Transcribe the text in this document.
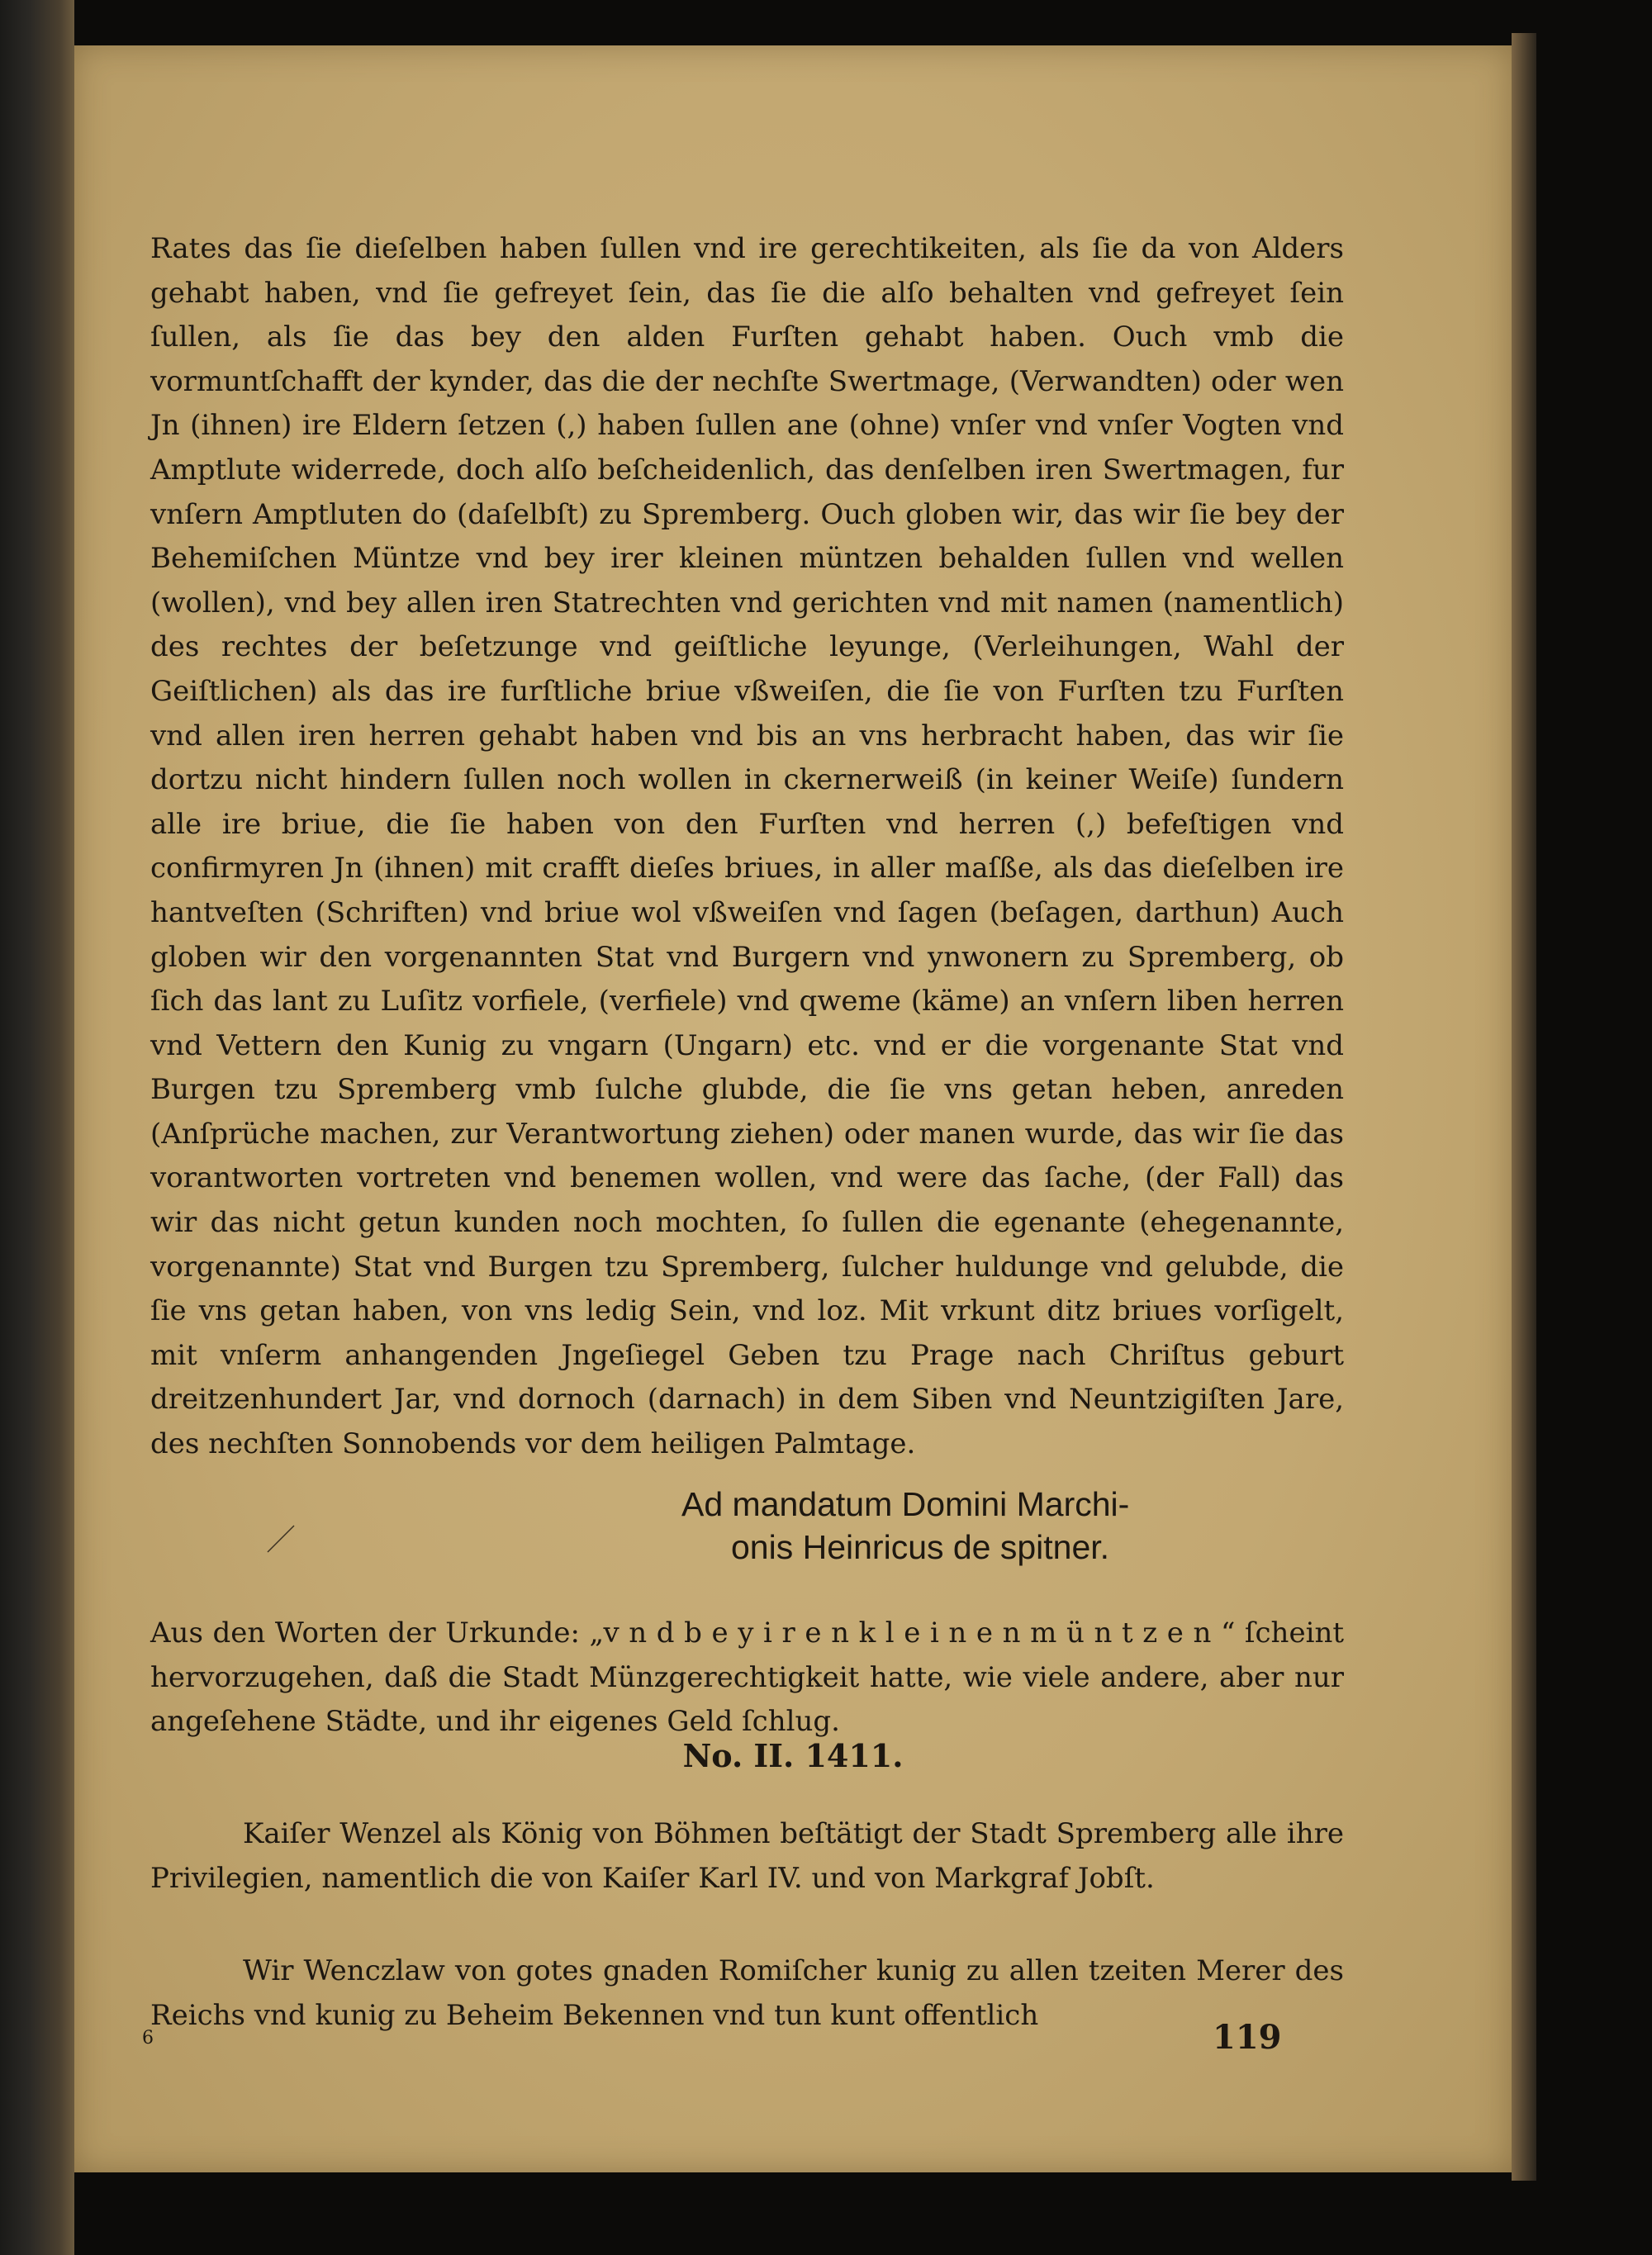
Rates das ſie dieſelben haben ſullen vnd ire gerechtikeiten, als ſie da von Alders gehabt haben, vnd ſie gefreyet ſein, das ſie die alſo behalten vnd gefreyet ſein ſullen, als ſie das bey den alden Furſten gehabt haben. Ouch vmb die vormuntſchafft der kynder, das die der nechſte Swertmage, (Verwandten) oder wen Jn (ihnen) ire Eldern ſetzen (,) haben ſullen ane (ohne) vnſer vnd vnſer Vogten vnd Amptlute widerrede, doch alſo beſcheidenlich, das denſelben iren Swertmagen, fur vnſern Amptluten do (daſelbſt) zu Spremberg. Ouch globen wir, das wir ſie bey der Behemiſchen Müntze vnd bey irer kleinen müntzen behalden ſullen vnd wellen (wollen), vnd bey allen iren Statrechten vnd gerichten vnd mit namen (namentlich) des rechtes der beſetzunge vnd geiſtliche leyunge, (Verleihungen, Wahl der Geiſtlichen) als das ire furſtliche briue vßweiſen, die ſie von Furſten tzu Furſten vnd allen iren herren gehabt haben vnd bis an vns herbracht haben, das wir ſie dortzu nicht hindern ſullen noch wollen in ckernerweiß (in keiner Weiſe) ſundern alle ire briue, die ſie haben von den Furſten vnd herren (,) befeſtigen vnd confirmyren Jn (ihnen) mit crafft dieſes briues, in aller maſße, als das dieſelben ire hantveſten (Schriften) vnd briue wol vßweiſen vnd ſagen (beſagen, darthun) Auch globen wir den vorgenannten Stat vnd Burgern vnd ynwonern zu Spremberg, ob ſich das lant zu Luſitz vorfiele, (verfiele) vnd qweme (käme) an vnſern liben herren vnd Vettern den Kunig zu vngarn (Ungarn) etc. vnd er die vorgenante Stat vnd Burgen tzu Spremberg vmb ſulche glubde, die ſie vns getan heben, anreden (Anſprüche machen, zur Verantwortung ziehen) oder manen wurde, das wir ſie das vorantworten vortreten vnd benemen wollen, vnd were das ſache, (der Fall) das wir das nicht getun kunden noch mochten, ſo ſullen die egenante (ehegenannte, vorgenannte) Stat vnd Burgen tzu Spremberg, ſulcher huldunge vnd gelubde, die ſie vns getan haben, von vns ledig Sein, vnd loz. Mit vrkunt ditz briues vorſigelt, mit vnſerm anhangenden Jngeſiegel Geben tzu Prage nach Chriſtus geburt dreitzenhundert Jar, vnd dornoch (darnach) in dem Siben vnd Neuntzigiſten Jare, des nechſten Sonnobends vor dem heiligen Palmtage.

Ad mandatum Domini Marchi-
onis Heinricus de spitner.

Aus den Worten der Urkunde: „v n d b e y i r e n k l e i n e n m ü n t z e n “ ſcheint hervorzugehen, daß die Stadt Münzgerechtigkeit hatte, wie viele andere, aber nur angeſehene Städte, und ihr eigenes Geld ſchlug.

No. II. 1411.

Kaiſer Wenzel als König von Böhmen beſtätigt der Stadt Spremberg alle ihre Privilegien, namentlich die von Kaiſer Karl IV. und von Markgraf Jobſt.

Wir Wenczlaw von gotes gnaden Romiſcher kunig zu allen tzeiten Merer des Reichs vnd kunig zu Beheim Bekennen vnd tun kunt offentlich

6	119
